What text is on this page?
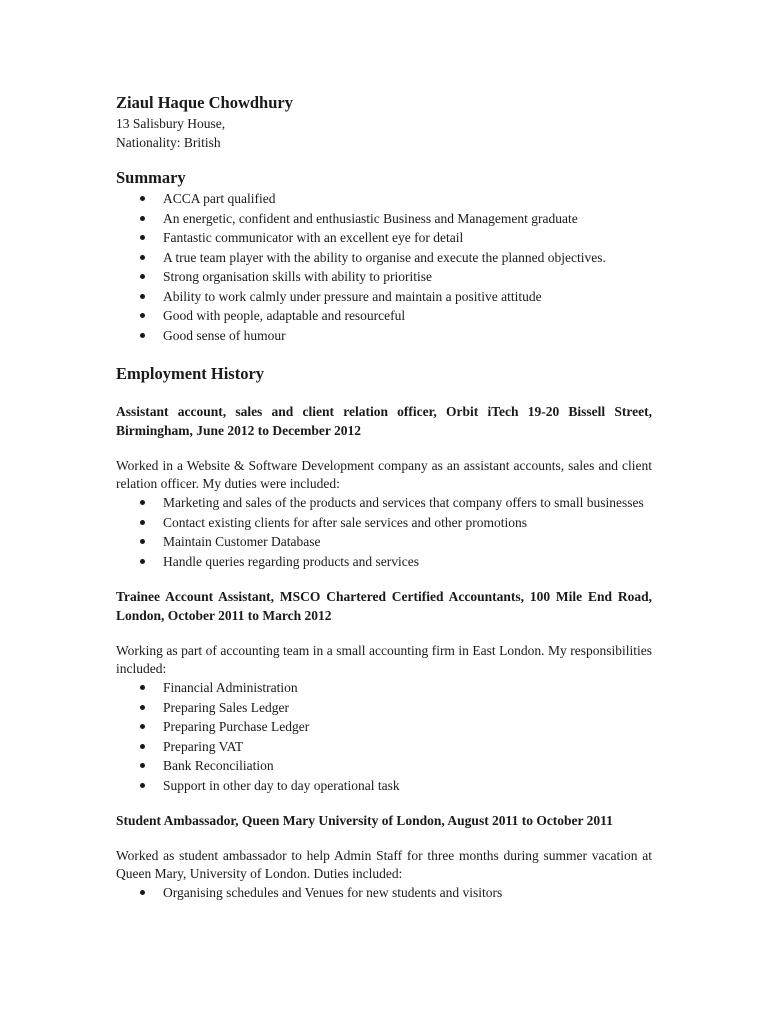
Ziaul Haque Chowdhury

13 Salisbury House,

Nationality: British

Summary
ACCA part qualified
An energetic, confident and enthusiastic Business and Management graduate
Fantastic communicator with an excellent eye for detail
A true team player with the ability to organise and execute the planned objectives.
Strong organisation skills with ability to prioritise
Ability to work calmly under pressure and maintain a positive attitude
Good with people, adaptable and resourceful
Good sense of humour
Employment History

Assistant account, sales and client relation officer, Orbit iTech 19-20 Bissell Street, Birmingham, June 2012 to December 2012

Worked in a Website & Software Development company as an assistant accounts, sales and client relation officer. My duties were included:

Marketing and sales of the products and services that company offers to small businesses
Contact existing clients for after sale services and other promotions
Maintain Customer Database
Handle queries regarding products and services

Trainee Account Assistant, MSCO Chartered Certified Accountants, 100 Mile End Road, London, October 2011 to March 2012

Working as part of accounting team in a small accounting firm in East London. My responsibilities included:

Financial Administration
Preparing Sales Ledger
Preparing Purchase Ledger
Preparing VAT
Bank Reconciliation
Support in other day to day operational task

Student Ambassador, Queen Mary University of London, August 2011 to October 2011

Worked as student ambassador to help Admin Staff for three months during summer vacation at Queen Mary, University of London. Duties included:

Organising schedules and Venues for new students and visitors
